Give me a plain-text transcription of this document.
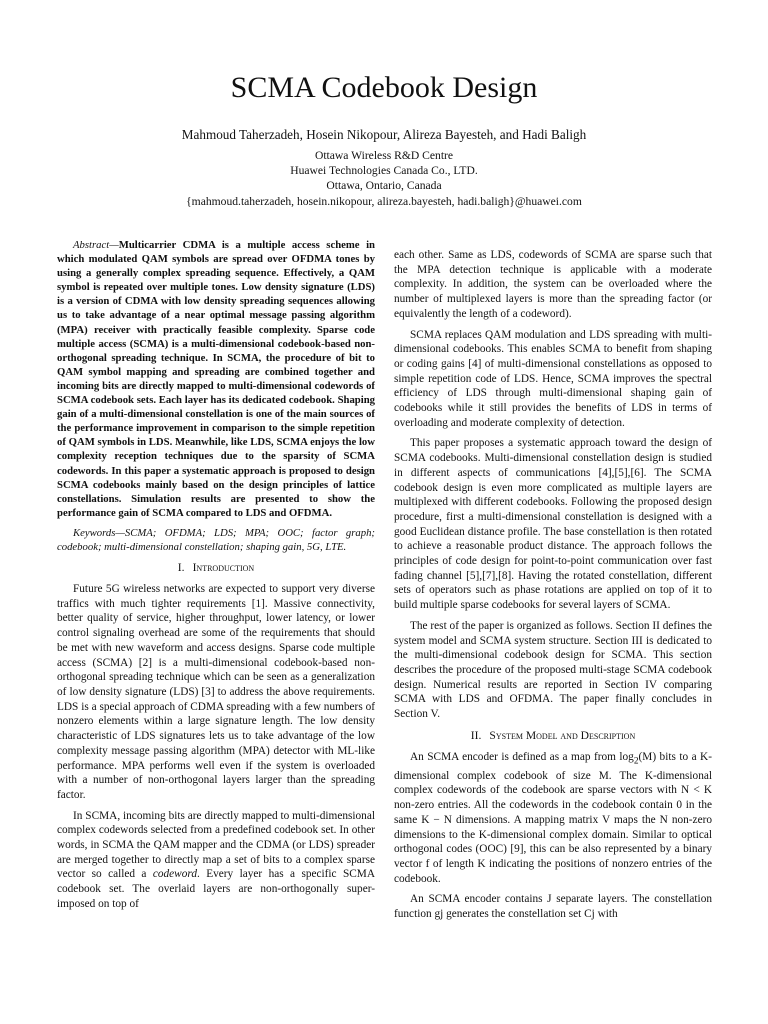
SCMA Codebook Design
Mahmoud Taherzadeh, Hosein Nikopour, Alireza Bayesteh, and Hadi Baligh
Ottawa Wireless R&D Centre
Huawei Technologies Canada Co., LTD.
Ottawa, Ontario, Canada
{mahmoud.taherzadeh, hosein.nikopour, alireza.bayesteh, hadi.baligh}@huawei.com

Abstract—Multicarrier CDMA is a multiple access scheme in which modulated QAM symbols are spread over OFDMA tones by using a generally complex spreading sequence. Effectively, a QAM symbol is repeated over multiple tones. Low density signature (LDS) is a version of CDMA with low density spreading sequences allowing us to take advantage of a near optimal message passing algorithm (MPA) receiver with practically feasible complexity. Sparse code multiple access (SCMA) is a multi-dimensional codebook-based non-orthogonal spreading technique. In SCMA, the procedure of bit to QAM symbol mapping and spreading are combined together and incoming bits are directly mapped to multi-dimensional codewords of SCMA codebook sets. Each layer has its dedicated codebook. Shaping gain of a multi-dimensional constellation is one of the main sources of the performance improvement in comparison to the simple repetition of QAM symbols in LDS. Meanwhile, like LDS, SCMA enjoys the low complexity reception techniques due to the sparsity of SCMA codewords. In this paper a systematic approach is proposed to design SCMA codebooks mainly based on the design principles of lattice constellations. Simulation results are presented to show the performance gain of SCMA compared to LDS and OFDMA.

Keywords—SCMA; OFDMA; LDS; MPA; OOC; factor graph; codebook; multi-dimensional constellation; shaping gain, 5G, LTE.

I. Introduction

Future 5G wireless networks are expected to support very diverse traffics with much tighter requirements [1]. Massive connectivity, better quality of service, higher throughput, lower latency, or lower control signaling overhead are some of the requirements that should be met with new waveform and access designs. Sparse code multiple access (SCMA) [2] is a multi-dimensional codebook-based non-orthogonal spreading technique which can be seen as a generalization of low density signature (LDS) [3] to address the above requirements. LDS is a special approach of CDMA spreading with a few numbers of nonzero elements within a large signature length. The low density characteristic of LDS signatures lets us to take advantage of the low complexity message passing algorithm (MPA) detector with ML-like performance. MPA performs well even if the system is overloaded with a number of non-orthogonal layers larger than the spreading factor.

In SCMA, incoming bits are directly mapped to multi-dimensional complex codewords selected from a predefined codebook set. In other words, in SCMA the QAM mapper and the CDMA (or LDS) spreader are merged together to directly map a set of bits to a complex sparse vector so called a codeword. Every layer has a specific SCMA codebook set. The overlaid layers are non-orthogonally super-imposed on top of

each other. Same as LDS, codewords of SCMA are sparse such that the MPA detection technique is applicable with a moderate complexity. In addition, the system can be overloaded where the number of multiplexed layers is more than the spreading factor (or equivalently the length of a codeword).

SCMA replaces QAM modulation and LDS spreading with multi-dimensional codebooks. This enables SCMA to benefit from shaping or coding gains [4] of multi-dimensional constellations as opposed to simple repetition code of LDS. Hence, SCMA improves the spectral efficiency of LDS through multi-dimensional shaping gain of codebooks while it still provides the benefits of LDS in terms of overloading and moderate complexity of detection.

This paper proposes a systematic approach toward the design of SCMA codebooks. Multi-dimensional constellation design is studied in different aspects of communications [4],[5],[6]. The SCMA codebook design is even more complicated as multiple layers are multiplexed with different codebooks. Following the proposed design procedure, first a multi-dimensional constellation is designed with a good Euclidean distance profile. The base constellation is then rotated to achieve a reasonable product distance. The approach follows the principles of code design for point-to-point communication over fast fading channel [5],[7],[8]. Having the rotated constellation, different sets of operators such as phase rotations are applied on top of it to build multiple sparse codebooks for several layers of SCMA.

The rest of the paper is organized as follows. Section II defines the system model and SCMA system structure. Section III is dedicated to the multi-dimensional codebook design for SCMA. This section describes the procedure of the proposed multi-stage SCMA codebook design. Numerical results are reported in Section IV comparing SCMA with LDS and OFDMA. The paper finally concludes in Section V.

II. System Model and Description

An SCMA encoder is defined as a map from $\log_2(M)$ bits to a K-dimensional complex codebook of size M. The K-dimensional complex codewords of the codebook are sparse vectors with N < K non-zero entries. All the codewords in the codebook contain 0 in the same K − N dimensions. A mapping matrix V maps the N non-zero dimensions to the K-dimensional complex domain. Similar to optical orthogonal codes (OOC) [9], this can be also represented by a binary vector f of length K indicating the positions of nonzero entries of the codebook.

An SCMA encoder contains J separate layers. The constellation function gj generates the constellation set Cj with
